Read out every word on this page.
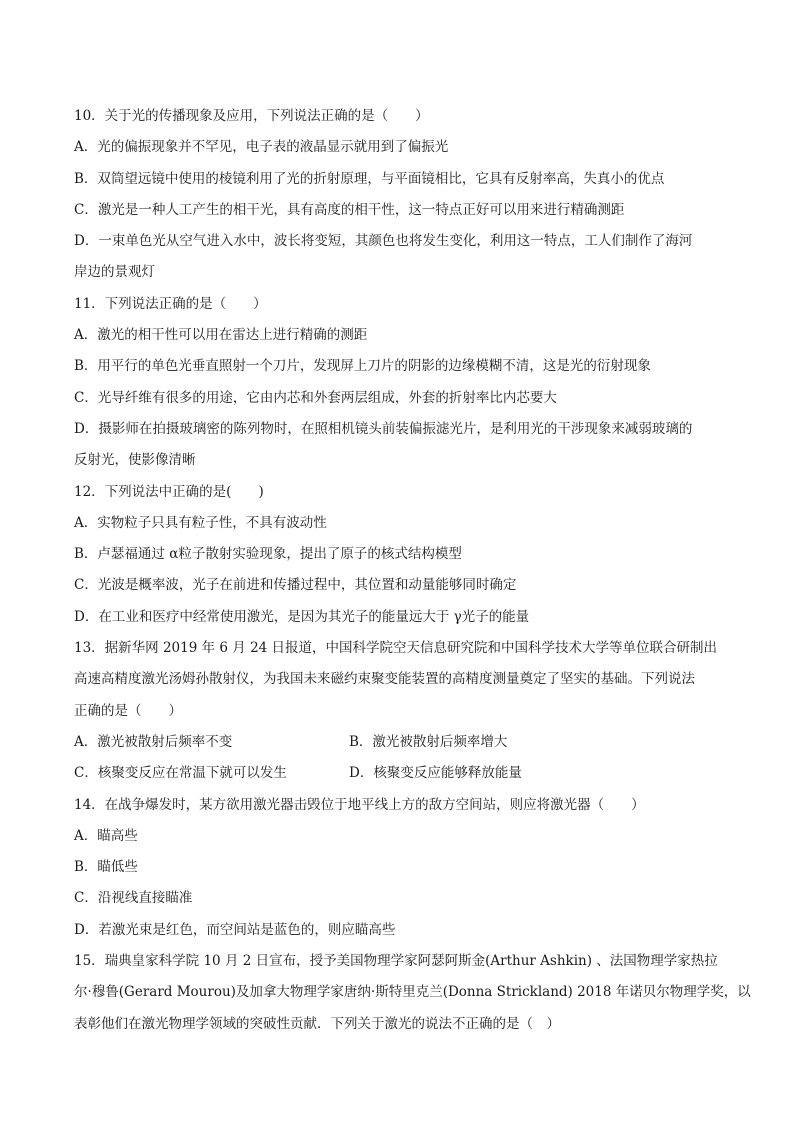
10．关于光的传播现象及应用，下列说法正确的是（　　）
A．光的偏振现象并不罕见，电子表的液晶显示就用到了偏振光
B．双筒望远镜中使用的棱镜利用了光的折射原理，与平面镜相比，它具有反射率高，失真小的优点
C．激光是一种人工产生的相干光，具有高度的相干性，这一特点正好可以用来进行精确测距
D．一束单色光从空气进入水中，波长将变短，其颜色也将发生变化，利用这一特点，工人们制作了海河
岸边的景观灯
11．下列说法正确的是（　　）
A．激光的相干性可以用在雷达上进行精确的测距
B．用平行的单色光垂直照射一个刀片，发现屏上刀片的阴影的边缘模糊不清，这是光的衍射现象
C．光导纤维有很多的用途，它由内芯和外套两层组成，外套的折射率比内芯要大
D．摄影师在拍摄玻璃密的陈列物时，在照相机镜头前装偏振滤光片，是利用光的干涉现象来减弱玻璃的
反射光，使影像清晰
12．下列说法中正确的是(　　)
A．实物粒子只具有粒子性，不具有波动性
B．卢瑟福通过 α粒子散射实验现象，提出了原子的核式结构模型
C．光波是概率波，光子在前进和传播过程中，其位置和动量能够同时确定
D．在工业和医疗中经常使用激光，是因为其光子的能量远大于 γ光子的能量
13．据新华网 2019 年 6 月 24 日报道，中国科学院空天信息研究院和中国科学技术大学等单位联合研制出
高速高精度激光汤姆孙散射仪，为我国未来磁约束聚变能装置的高精度测量奠定了坚实的基础。下列说法
正确的是（　　）
A．激光被散射后频率不变	B．激光被散射后频率增大
C．核聚变反应在常温下就可以发生	D．核聚变反应能够释放能量
14．在战争爆发时，某方欲用激光器击毁位于地平线上方的敌方空间站，则应将激光器（　　）
A．瞄高些
B．瞄低些
C．沿视线直接瞄准
D．若激光束是红色，而空间站是蓝色的，则应瞄高些
15．瑞典皇家科学院 10 月 2 日宣布，授予美国物理学家阿瑟阿斯金(Arthur Ashkin) 、法国物理学家热拉
尔·穆鲁(Gerard Mourou)及加拿大物理学家唐纳·斯特里克兰(Donna Strickland) 2018 年诺贝尔物理学奖，以
表彰他们在激光物理学领域的突破性贡献．下列关于激光的说法不正确的是（　）
